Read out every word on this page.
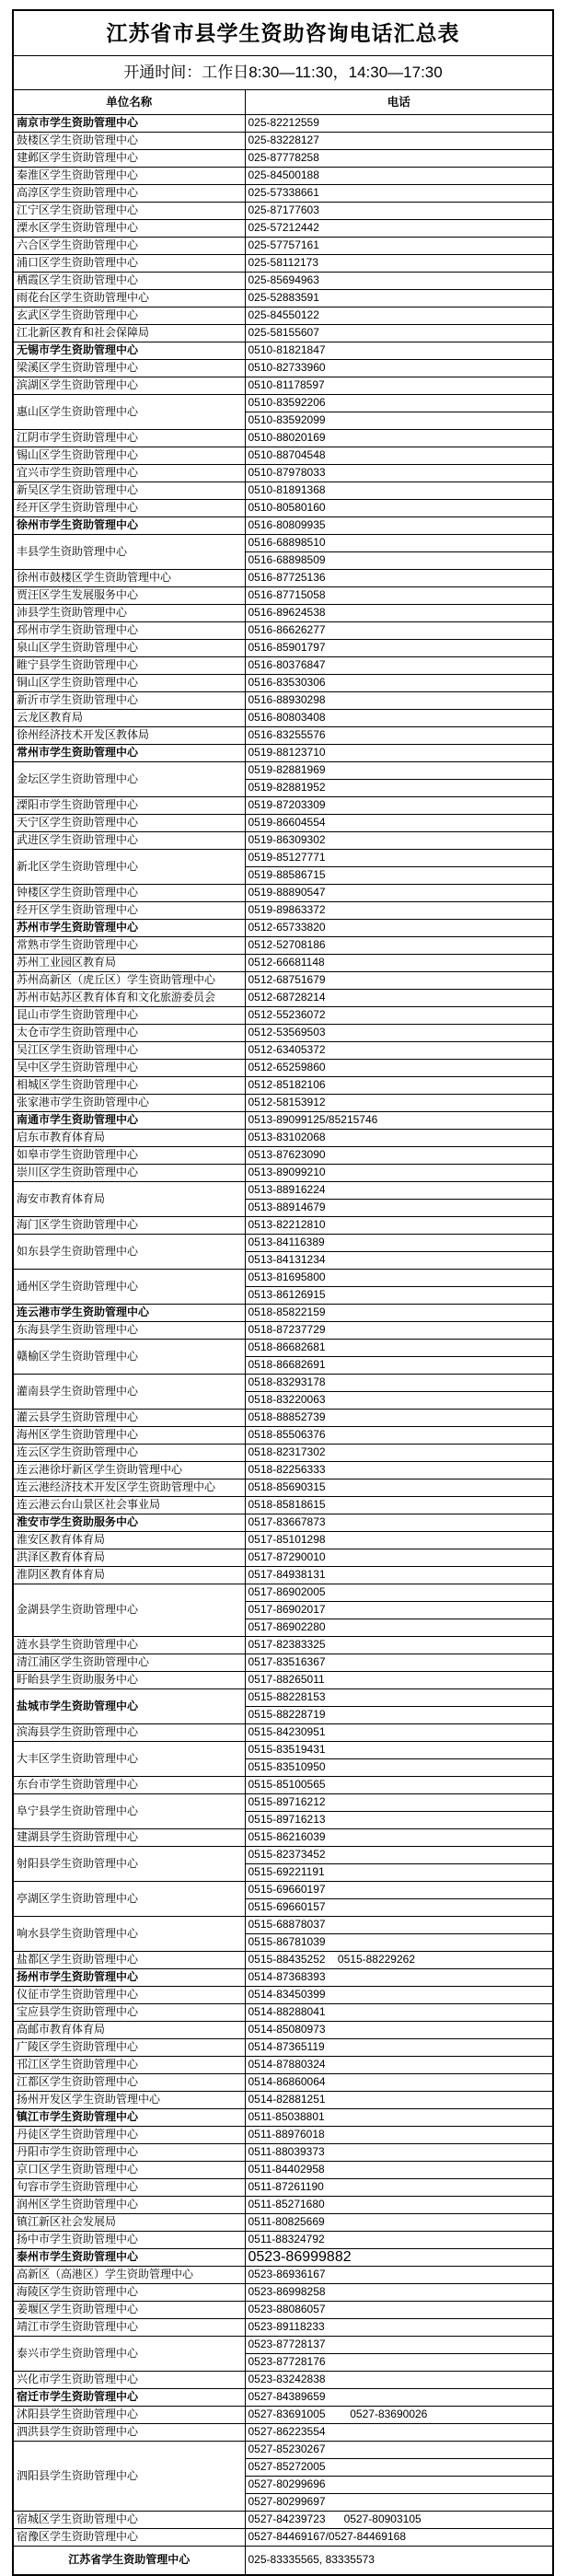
江苏省市县学生资助咨询电话汇总表	
开通时间：工作日8:30—11:30，14:30—17:30	
单位名称	电话
南京市学生资助管理中心	025-82212559
鼓楼区学生资助管理中心	025-83228127
建邺区学生资助管理中心	025-87778258
秦淮区学生资助管理中心	025-84500188
高淳区学生资助管理中心	025-57338661
江宁区学生资助管理中心	025-87177603
溧水区学生资助管理中心	025-57212442
六合区学生资助管理中心	025-57757161
浦口区学生资助管理中心	025-58112173
栖霞区学生资助管理中心	025-85694963
雨花台区学生资助管理中心	025-52883591
玄武区学生资助管理中心	025-84550122
江北新区教育和社会保障局	025-58155607
无锡市学生资助管理中心	0510-81821847
梁溪区学生资助管理中心	0510-82733960
滨湖区学生资助管理中心	0510-81178597
惠山区学生资助管理中心	0510-83592206
	0510-83592099
江阴市学生资助管理中心	0510-88020169
锡山区学生资助管理中心	0510-88704548
宜兴市学生资助管理中心	0510-87978033
新吴区学生资助管理中心	0510-81891368
经开区学生资助管理中心	0510-80580160
徐州市学生资助管理中心	0516-80809935
丰县学生资助管理中心	0516-68898510
	0516-68898509
徐州市鼓楼区学生资助管理中心	0516-87725136
贾汪区学生发展服务中心	0516-87715058
沛县学生资助管理中心	0516-89624538
邳州市学生资助管理中心	0516-86626277
泉山区学生资助管理中心	0516-85901797
睢宁县学生资助管理中心	0516-80376847
铜山区学生资助管理中心	0516-83530306
新沂市学生资助管理中心	0516-88930298
云龙区教育局	0516-80803408
徐州经济技术开发区教体局	0516-83255576
常州市学生资助管理中心	0519-88123710
金坛区学生资助管理中心	0519-82881969
	0519-82881952
溧阳市学生资助管理中心	0519-87203309
天宁区学生资助管理中心	0519-86604554
武进区学生资助管理中心	0519-86309302
新北区学生资助管理中心	0519-85127771
	0519-88586715
钟楼区学生资助管理中心	0519-88890547
经开区学生资助管理中心	0519-89863372
苏州市学生资助管理中心	0512-65733820
常熟市学生资助管理中心	0512-52708186
苏州工业园区教育局	0512-66681148
苏州高新区（虎丘区）学生资助管理中心	0512-68751679
苏州市姑苏区教育体育和文化旅游委员会	0512-68728214
昆山市学生资助管理中心	0512-55236072
太仓市学生资助管理中心	0512-53569503
吴江区学生资助管理中心	0512-63405372
吴中区学生资助管理中心	0512-65259860
相城区学生资助管理中心	0512-85182106
张家港市学生资助管理中心	0512-58153912
南通市学生资助管理中心	0513-89099125/85215746
启东市教育体育局	0513-83102068
如皋市学生资助管理中心	0513-87623090
崇川区学生资助管理中心	0513-89099210
海安市教育体育局	0513-88916224
	0513-88914679
海门区学生资助管理中心	0513-82212810
如东县学生资助管理中心	0513-84116389
	0513-84131234
通州区学生资助管理中心	0513-81695800
	0513-86126915
连云港市学生资助管理中心	0518-85822159
东海县学生资助管理中心	0518-87237729
赣榆区学生资助管理中心	0518-86682681
	0518-86682691
灌南县学生资助管理中心	0518-83293178
	0518-83220063
灌云县学生资助管理中心	0518-88852739
海州区学生资助管理中心	0518-85506376
连云区学生资助管理中心	0518-82317302
连云港徐圩新区学生资助管理中心	0518-82256333
连云港经济技术开发区学生资助管理中心	0518-85690315
连云港云台山景区社会事业局	0518-85818615
淮安市学生资助服务中心	0517-83667873
淮安区教育体育局	0517-85101298
洪泽区教育体育局	0517-87290010
淮阴区教育体育局	0517-84938131
金湖县学生资助管理中心	0517-86902005
	0517-86902017
	0517-86902280
涟水县学生资助管理中心	0517-82383325
清江浦区学生资助管理中心	0517-83516367
盱眙县学生资助服务中心	0517-88265011
盐城市学生资助管理中心	0515-88228153
	0515-88228719
滨海县学生资助管理中心	0515-84230951
大丰区学生资助管理中心	0515-83519431
	0515-83510950
东台市学生资助管理中心	0515-85100565
阜宁县学生资助管理中心	0515-89716212
	0515-89716213
建湖县学生资助管理中心	0515-86216039
射阳县学生资助管理中心	0515-82373452
	0515-69221191
亭湖区学生资助管理中心	0515-69660197
	0515-69660157
响水县学生资助管理中心	0515-68878037
	0515-86781039
盐都区学生资助管理中心	0515-88435252    0515-88229262
扬州市学生资助管理中心	0514-87368393
仪征市学生资助管理中心	0514-83450399
宝应县学生资助管理中心	0514-88288041
高邮市教育体育局	0514-85080973
广陵区学生资助管理中心	0514-87365119
邗江区学生资助管理中心	0514-87880324
江都区学生资助管理中心	0514-86860064
扬州开发区学生资助管理中心	0514-82881251
镇江市学生资助管理中心	0511-85038801
丹徒区学生资助管理中心	0511-88976018
丹阳市学生资助管理中心	0511-88039373
京口区学生资助管理中心	0511-84402958
句容市学生资助管理中心	0511-87261190
润州区学生资助管理中心	0511-85271680
镇江新区社会发展局	0511-80825669
扬中市学生资助管理中心	0511-88324792
泰州市学生资助管理中心	0523-86999882
高新区（高港区）学生资助管理中心	0523-86936167
海陵区学生资助管理中心	0523-86998258
姜堰区学生资助管理中心	0523-88086057
靖江市学生资助管理中心	0523-89118233
泰兴市学生资助管理中心	0523-87728137
	0523-87728176
兴化市学生资助管理中心	0523-83242838
宿迁市学生资助管理中心	0527-84389659
沭阳县学生资助管理中心	0527-83691005        0527-83690026
泗洪县学生资助管理中心	0527-86223554
泗阳县学生资助管理中心	0527-85230267
	0527-85272005
	0527-80299696
	0527-80299697
宿城区学生资助管理中心	0527-84239723      0527-80903105
宿豫区学生资助管理中心	0527-84469167/0527-84469168
江苏省学生资助管理中心	025-83335565, 83335573
